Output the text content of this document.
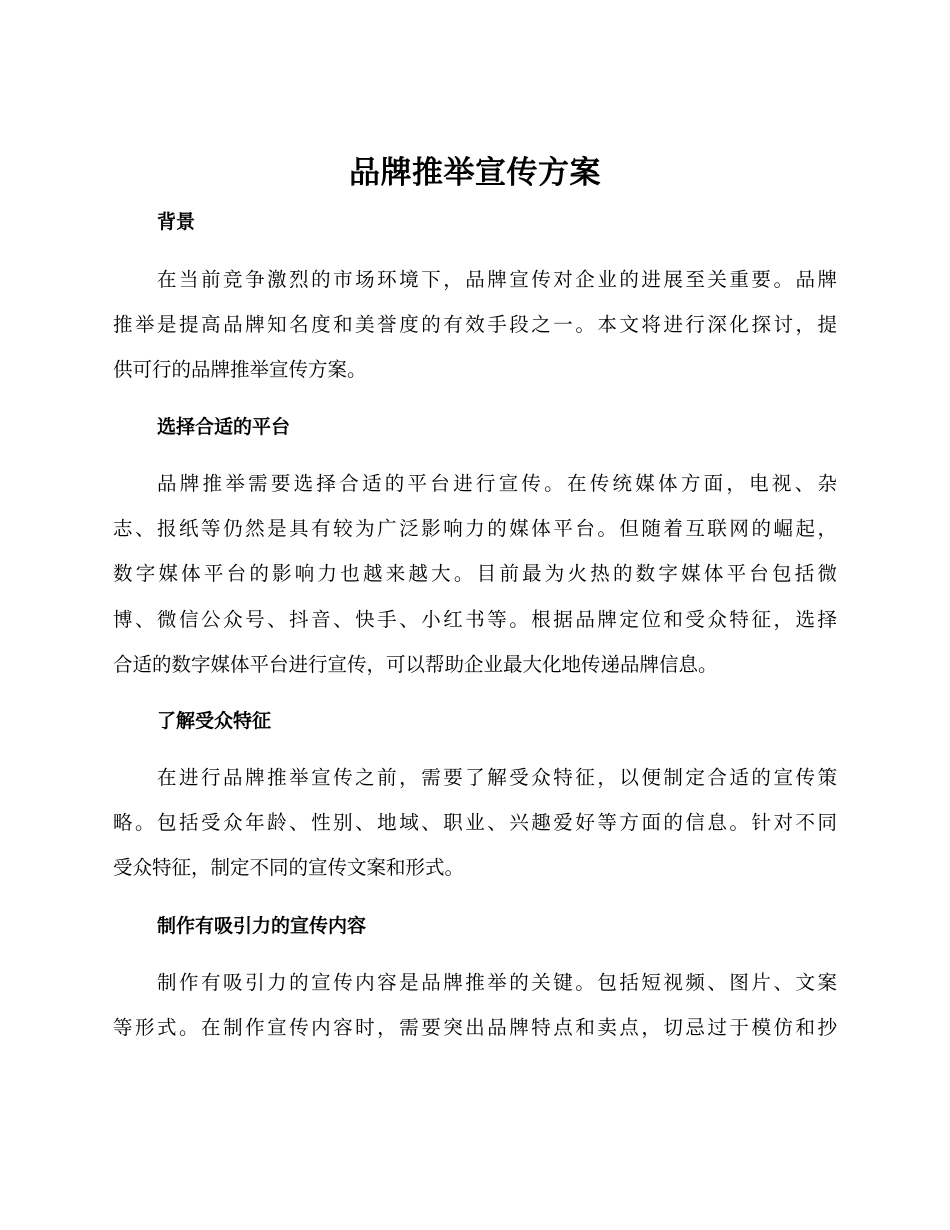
品牌推举宣传方案
背景
在当前竞争激烈的市场环境下，品牌宣传对企业的进展至关重要。品牌
推举是提高品牌知名度和美誉度的有效手段之一。本文将进行深化探讨，提
供可行的品牌推举宣传方案。
选择合适的平台
品牌推举需要选择合适的平台进行宣传。在传统媒体方面，电视、杂
志、报纸等仍然是具有较为广泛影响力的媒体平台。但随着互联网的崛起，
数字媒体平台的影响力也越来越大。目前最为火热的数字媒体平台包括微
博、微信公众号、抖音、快手、小红书等。根据品牌定位和受众特征，选择
合适的数字媒体平台进行宣传，可以帮助企业最大化地传递品牌信息。
了解受众特征
在进行品牌推举宣传之前，需要了解受众特征，以便制定合适的宣传策
略。包括受众年龄、性别、地域、职业、兴趣爱好等方面的信息。针对不同
受众特征，制定不同的宣传文案和形式。
制作有吸引力的宣传内容
制作有吸引力的宣传内容是品牌推举的关键。包括短视频、图片、文案
等形式。在制作宣传内容时，需要突出品牌特点和卖点，切忌过于模仿和抄
